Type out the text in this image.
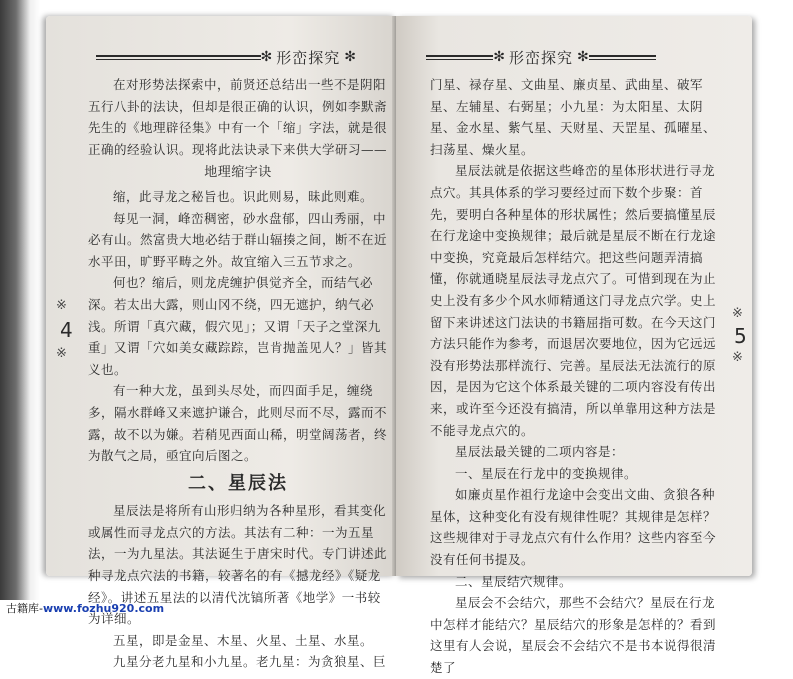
✻ 形峦探究 ✻

在对形势法探索中，前贤还总结出一些不是阴阳五行八卦的法诀，但却是很正确的认识，例如李默斋先生的《地理辟径集》中有一个「缩」字法，就是很正确的经验认识。现将此法诀录下来供大学研习——

地理缩字诀

缩，此寻龙之秘旨也。识此则易，昧此则难。

每见一洞，峰峦稠密，砂水盘郁，四山秀丽，中必有山。然富贵大地必结于群山辐揍之间，断不在近水平田，旷野平畴之外。故宜缩入三五节求之。

何也？缩后，则龙虎缠护俱觉齐全，而结气必深。若太出大露，则山冈不绕，四无遮护，纳气必浅。所谓「真穴藏，假穴见」；又谓「天子之堂深九重」又谓「穴如美女藏踪踪，岂肯抛盖见人？」皆其义也。

有一种大龙，虽到头尽处，而四面手足，缠绕多，隔水群峰又来遮护谦合，此则尽而不尽，露而不露，故不以为嫌。若稍见西面山稀，明堂阔荡者，终为散气之局，亟宜向后图之。

二、星辰法

星辰法是将所有山形归纳为各种星形，看其变化或属性而寻龙点穴的方法。其法有二种：一为五星法，一为九星法。其法诞生于唐宋时代。专门讲述此种寻龙点穴法的书籍，较著名的有《撼龙经》《疑龙经》。讲述五星法的以清代沈镐所著《地学》一书较为详细。

五星，即是金星、木星、火星、土星、水星。

九星分老九星和小九星。老九星：为贪狼星、巨

※
4
※
✻ 形峦探究 ✻

门星、禄存星、文曲星、廉贞星、武曲星、破军星、左辅星、右弼星；小九星：为太阳星、太阴星、金水星、紫气星、天财星、天罡星、孤曜星、扫荡星、燥火星。

星辰法就是依据这些峰峦的星体形状进行寻龙点穴。其具体系的学习要经过而下数个步聚：首先，要明白各种星体的形状属性；然后要搞懂星辰在行龙途中变换规律；最后就是星辰不断在行龙途中变换，究竟最后怎样结穴。把这些问题弄清搞懂，你就通晓星辰法寻龙点穴了。可惜到现在为止史上没有多少个风水师精通这门寻龙点穴学。史上留下来讲述这门法诀的书籍屈指可数。在今天这门方法只能作为参考，而退居次要地位，因为它远远没有形势法那样流行、完善。星辰法无法流行的原因，是因为它这个体系最关键的二项内容没有传出来，或许至今还没有搞清，所以单靠用这种方法是不能寻龙点穴的。

星辰法最关键的二项内容是：

一、星辰在行龙中的变换规律。

如廉贞星作祖行龙途中会变出文曲、贪狼各种星体，这种变化有没有规律性呢？其规律是怎样？这些规律对于寻龙点穴有什么作用？这些内容至今没有任何书提及。

二、星辰结穴规律。

星辰会不会结穴，那些不会结穴？星辰在行龙中怎样才能结穴？星辰结穴的形象是怎样的？看到这里有人会说，星辰会不会结穴不是书本说得很清楚了

※
5
※
古籍库-www.fozhu920.com
